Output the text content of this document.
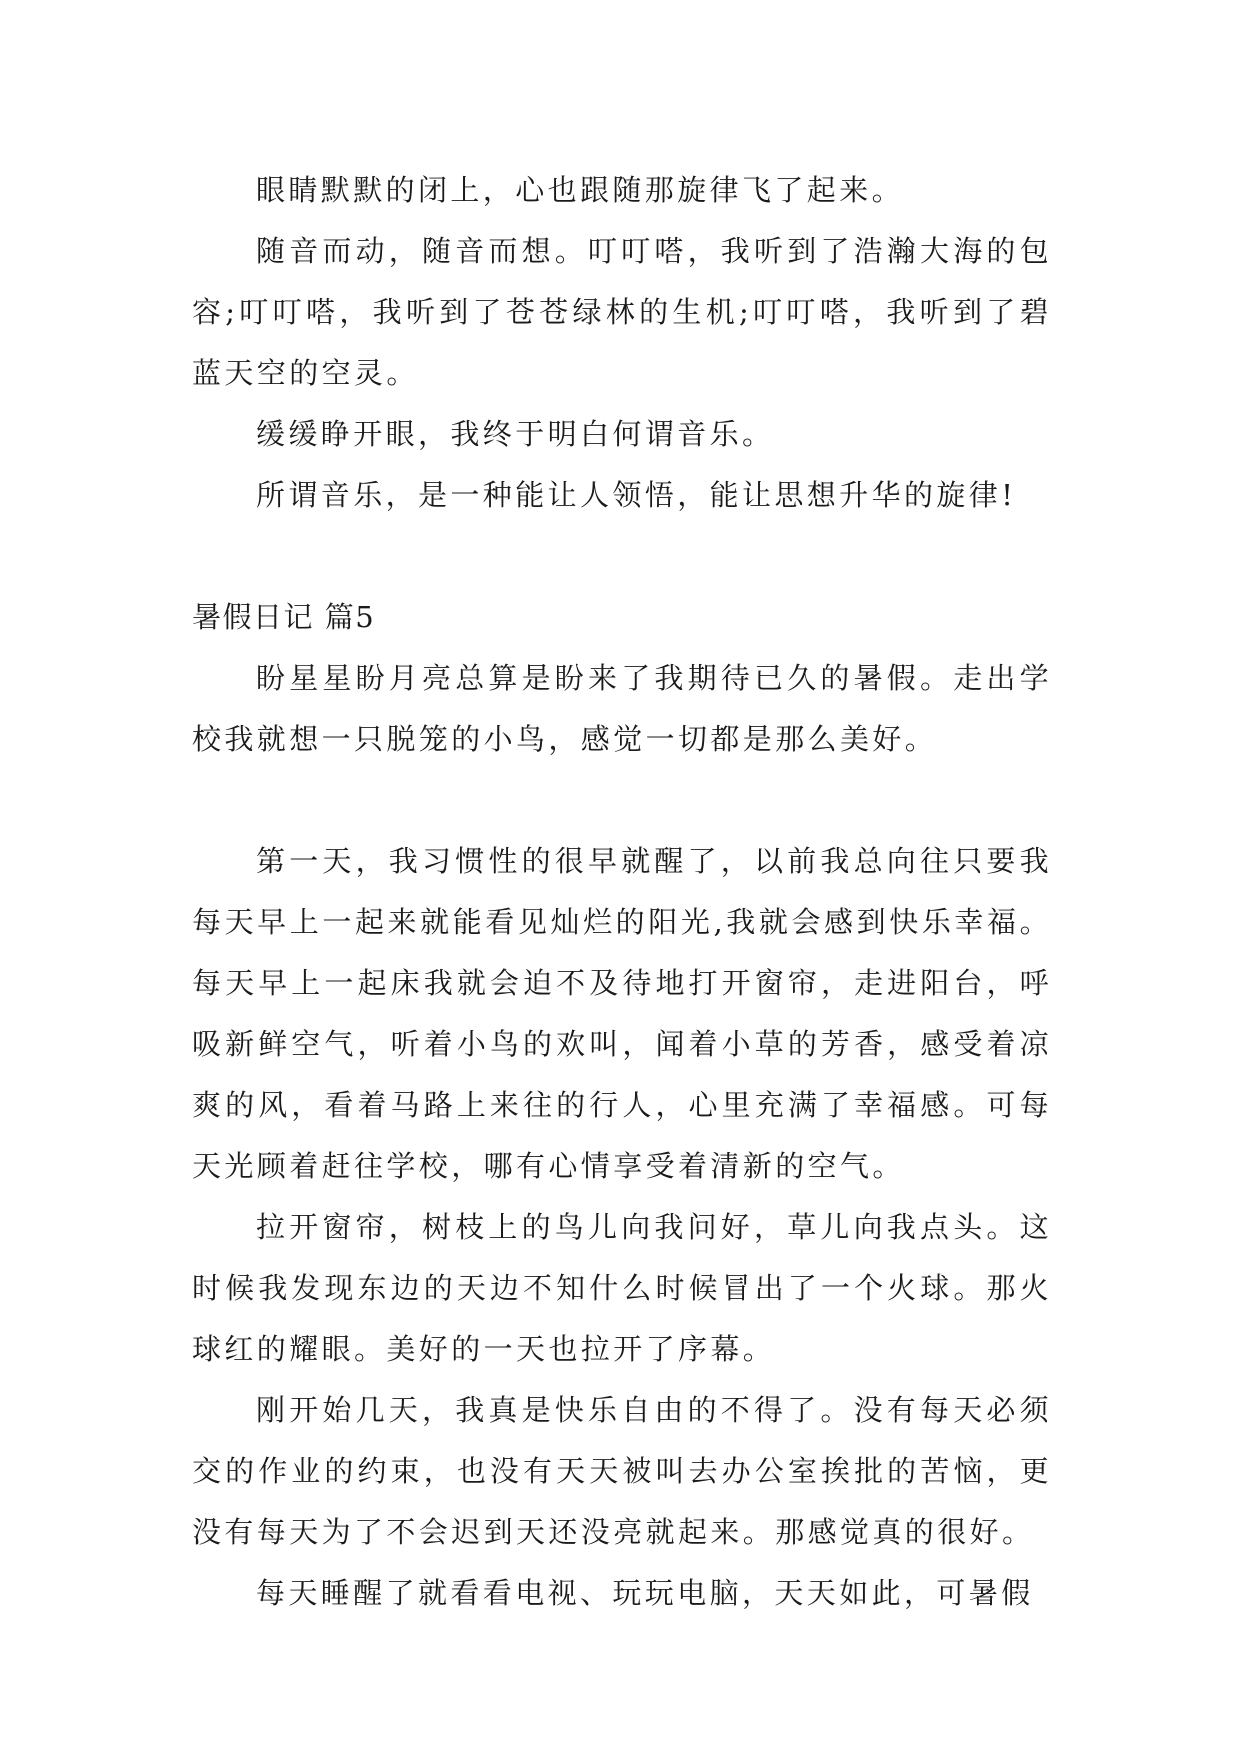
眼睛默默的闭上，心也跟随那旋律飞了起来。

随音而动，随音而想。叮叮嗒，我听到了浩瀚大海的包容;叮叮嗒，我听到了苍苍绿林的生机;叮叮嗒，我听到了碧蓝天空的空灵。

缓缓睁开眼，我终于明白何谓音乐。

所谓音乐，是一种能让人领悟，能让思想升华的旋律!

暑假日记 篇5

盼星星盼月亮总算是盼来了我期待已久的暑假。走出学校我就想一只脱笼的小鸟，感觉一切都是那么美好。

第一天，我习惯性的很早就醒了，以前我总向往只要我每天早上一起来就能看见灿烂的阳光,我就会感到快乐幸福。每天早上一起床我就会迫不及待地打开窗帘，走进阳台，呼吸新鲜空气，听着小鸟的欢叫，闻着小草的芳香，感受着凉爽的风，看着马路上来往的行人，心里充满了幸福感。可每天光顾着赶往学校，哪有心情享受着清新的空气。

拉开窗帘，树枝上的鸟儿向我问好，草儿向我点头。这时候我发现东边的天边不知什么时候冒出了一个火球。那火球红的耀眼。美好的一天也拉开了序幕。

刚开始几天，我真是快乐自由的不得了。没有每天必须交的作业的约束，也没有天天被叫去办公室挨批的苦恼，更没有每天为了不会迟到天还没亮就起来。那感觉真的很好。

每天睡醒了就看看电视、玩玩电脑，天天如此，可暑假
